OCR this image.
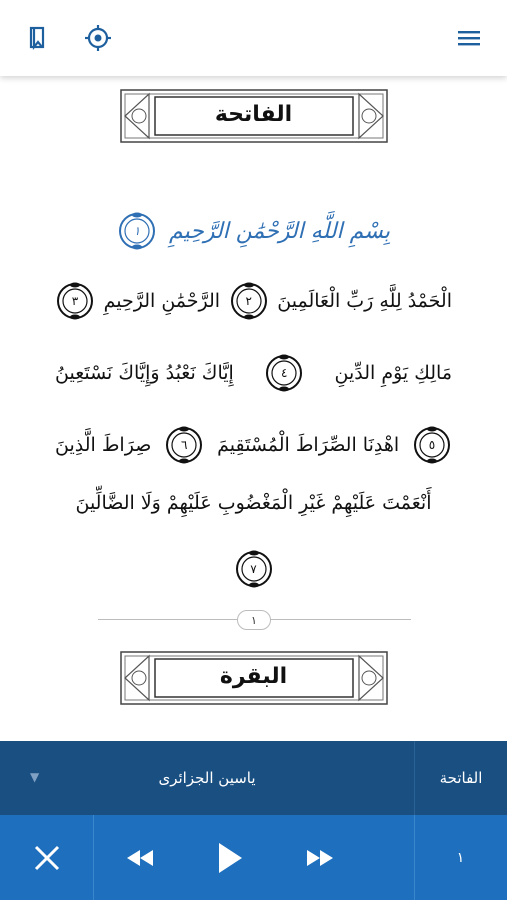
الفاتحة
بِسْمِ اللَّهِ الرَّحْمَٰنِ الرَّحِيمِ
١
الْحَمْدُ لِلَّهِ رَبِّ الْعَالَمِينَ
٢
الرَّحْمَٰنِ الرَّحِيمِ
٣
مَالِكِ يَوْمِ الدِّينِ
٤
إِيَّاكَ نَعْبُدُ وَإِيَّاكَ نَسْتَعِينُ
٥
اهْدِنَا الصِّرَاطَ الْمُسْتَقِيمَ
٦
صِرَاطَ الَّذِينَ
أَنْعَمْتَ عَلَيْهِمْ غَيْرِ الْمَغْضُوبِ عَلَيْهِمْ وَلَا الضَّالِّينَ
٧
١
البقرة
ياسين الجزائرى
▼	الفاتحة
١
